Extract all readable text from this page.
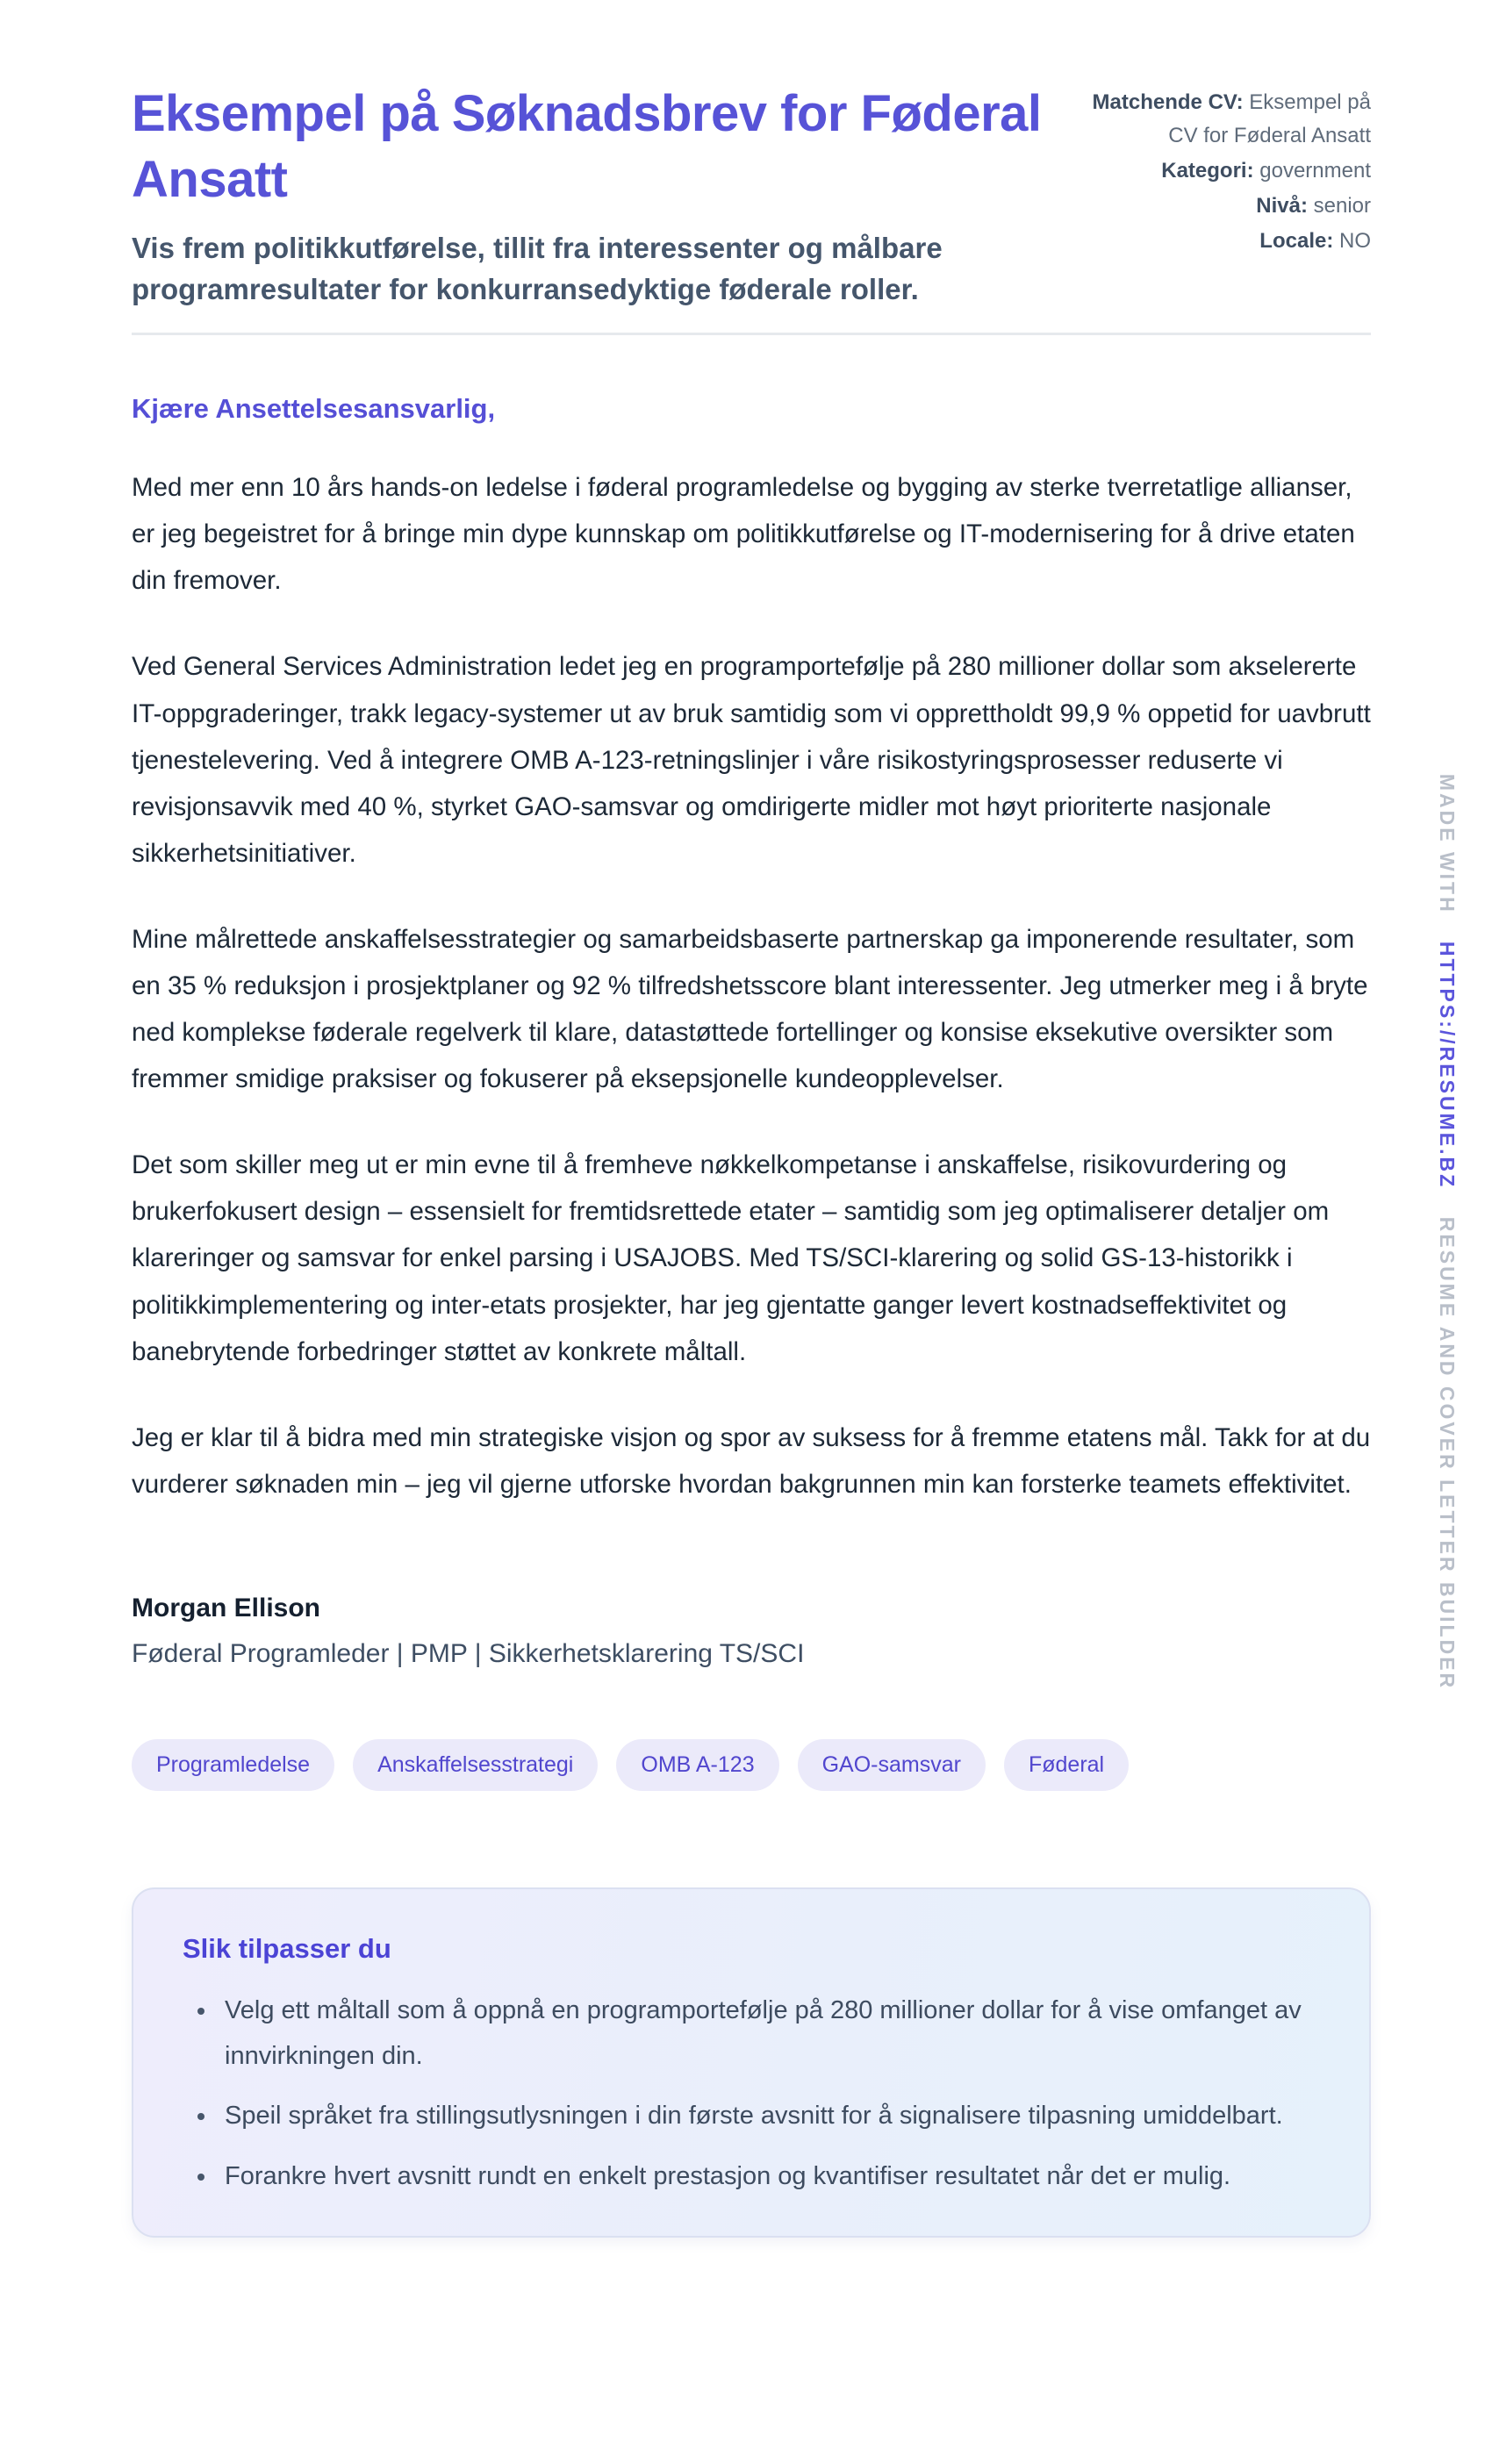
Eksempel på Søknadsbrev for Føderal Ansatt
Vis frem politikkutførelse, tillit fra interessenter og målbare programresultater for konkurransedyktige føderale roller.
Matchende CV: Eksempel på CV for Føderal Ansatt
Kategori: government
Nivå: senior
Locale: NO
Kjære Ansettelsesansvarlig,

Med mer enn 10 års hands-on ledelse i føderal programledelse og bygging av sterke tverretatlige allianser, er jeg begeistret for å bringe min dype kunnskap om politikkutførelse og IT-modernisering for å drive etaten din fremover.

Ved General Services Administration ledet jeg en programportefølje på 280 millioner dollar som akselererte IT-oppgraderinger, trakk legacy-systemer ut av bruk samtidig som vi opprettholdt 99,9 % oppetid for uavbrutt tjenestelevering. Ved å integrere OMB A-123-retningslinjer i våre risikostyringsprosesser reduserte vi revisjonsavvik med 40 %, styrket GAO-samsvar og omdirigerte midler mot høyt prioriterte nasjonale sikkerhetsinitiativer.

Mine målrettede anskaffelsesstrategier og samarbeidsbaserte partnerskap ga imponerende resultater, som en 35 % reduksjon i prosjektplaner og 92 % tilfredshetsscore blant interessenter. Jeg utmerker meg i å bryte ned komplekse føderale regelverk til klare, datastøttede fortellinger og konsise eksekutive oversikter som fremmer smidige praksiser og fokuserer på eksepsjonelle kundeopplevelser.

Det som skiller meg ut er min evne til å fremheve nøkkelkompetanse i anskaffelse, risikovurdering og brukerfokusert design – essensielt for fremtidsrettede etater – samtidig som jeg optimaliserer detaljer om klareringer og samsvar for enkel parsing i USAJOBS. Med TS/SCI-klarering og solid GS-13-historikk i politikkimplementering og inter-etats prosjekter, har jeg gjentatte ganger levert kostnadseffektivitet og banebrytende forbedringer støttet av konkrete måltall.

Jeg er klar til å bidra med min strategiske visjon og spor av suksess for å fremme etatens mål. Takk for at du vurderer søknaden min – jeg vil gjerne utforske hvordan bakgrunnen min kan forsterke teamets effektivitet.

Morgan Ellison
Føderal Programleder | PMP | Sikkerhetsklarering TS/SCI
Programledelse	Anskaffelsesstrategi	OMB A-123	GAO-samsvar	Føderal
Slik tilpasser du
• Velg ett måltall som å oppnå en programportefølje på 280 millioner dollar for å vise omfanget av innvirkningen din.
• Speil språket fra stillingsutlysningen i din første avsnitt for å signalisere tilpasning umiddelbart.
• Forankre hvert avsnitt rundt en enkelt prestasjon og kvantifiser resultatet når det er mulig.
MADE WITH HTTPS://RESUME.BZ RESUME AND COVER LETTER BUILDER
